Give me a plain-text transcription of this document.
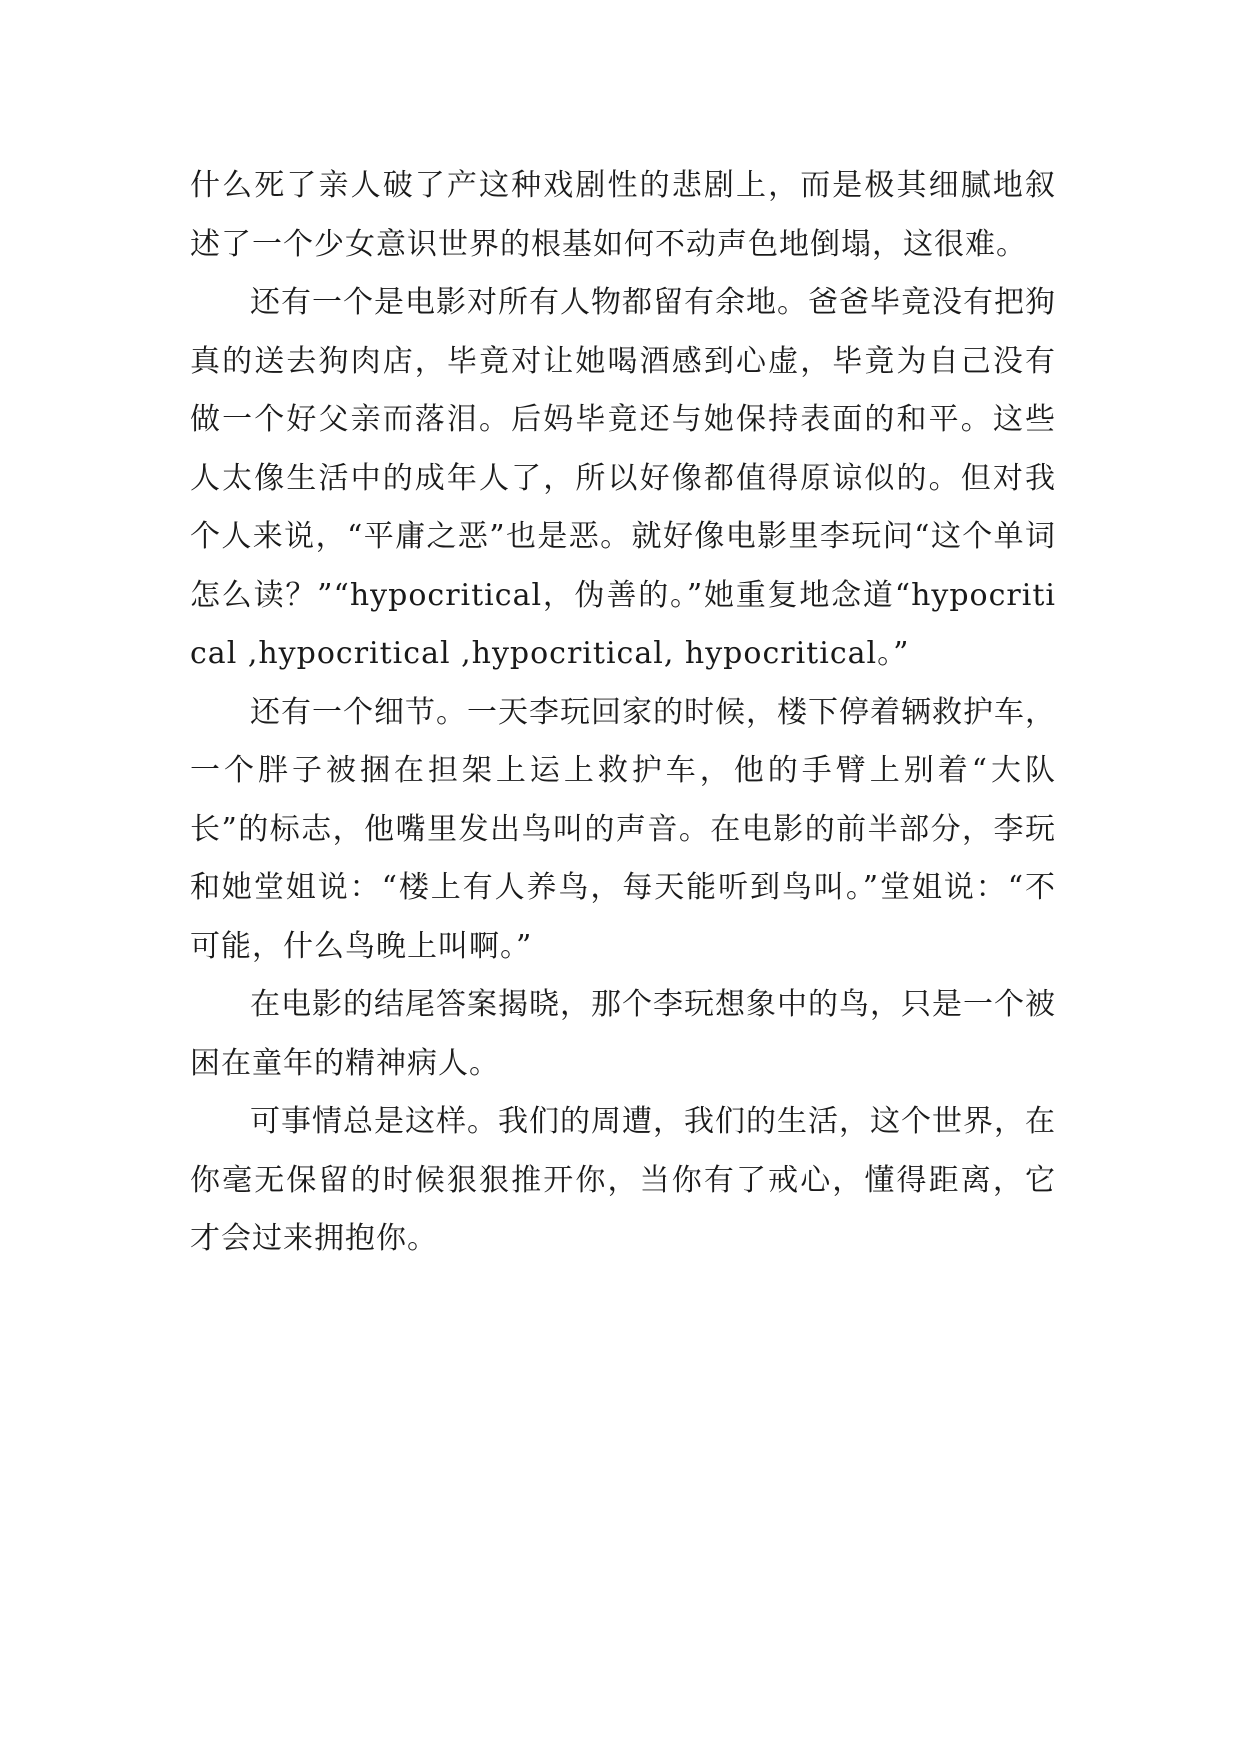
什么死了亲人破了产这种戏剧性的悲剧上，而是极其细腻地叙述了一个少女意识世界的根基如何不动声色地倒塌，这很难。

还有一个是电影对所有人物都留有余地。爸爸毕竟没有把狗真的送去狗肉店，毕竟对让她喝酒感到心虚，毕竟为自己没有做一个好父亲而落泪。后妈毕竟还与她保持表面的和平。这些人太像生活中的成年人了，所以好像都值得原谅似的。但对我个人来说，“平庸之恶”也是恶。就好像电影里李玩问“这个单词怎么读？”“hypocritical，伪善的。”她重复地念道“hypocritical ,hypocritical ,hypocritical, hypocritical。”

还有一个细节。一天李玩回家的时候，楼下停着辆救护车，一个胖子被捆在担架上运上救护车，他的手臂上别着“大队长”的标志，他嘴里发出鸟叫的声音。在电影的前半部分，李玩和她堂姐说：“楼上有人养鸟，每天能听到鸟叫。”堂姐说：“不可能，什么鸟晚上叫啊。”

在电影的结尾答案揭晓，那个李玩想象中的鸟，只是一个被困在童年的精神病人。

可事情总是这样。我们的周遭，我们的生活，这个世界，在你毫无保留的时候狠狠推开你，当你有了戒心，懂得距离，它才会过来拥抱你。
